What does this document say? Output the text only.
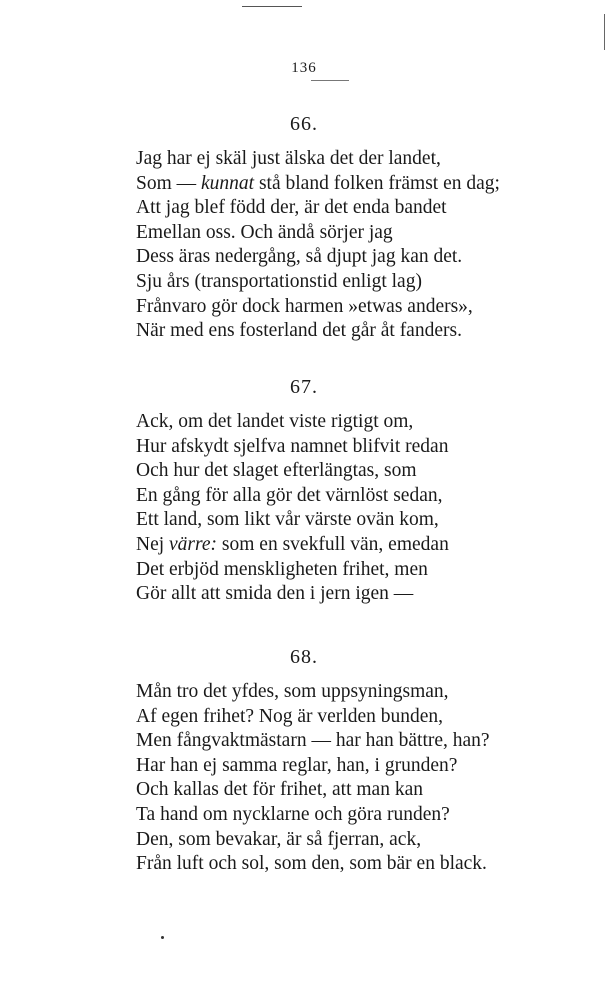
136
66.
Jag har ej skäl just älska det der landet,
Som — kunnat stå bland folken främst en dag;
Att jag blef född der, är det enda bandet
Emellan oss. Och ändå sörjer jag
Dess äras nedergång, så djupt jag kan det.
Sju års (transportationstid enligt lag)
Frånvaro gör dock harmen »etwas anders»,
När med ens fosterland det går åt fanders.
67.
Ack, om det landet viste rigtigt om,
Hur afskydt sjelfva namnet blifvit redan
Och hur det slaget efterlängtas, som
En gång för alla gör det värnlöst sedan,
Ett land, som likt vår värste ovän kom,
Nej värre: som en svekfull vän, emedan
Det erbjöd menskligheten frihet, men
Gör allt att smida den i jern igen —
68.
Mån tro det yfdes, som uppsyningsman,
Af egen frihet? Nog är verlden bunden,
Men fångvaktmästarn — har han bättre, han?
Har han ej samma reglar, han, i grunden?
Och kallas det för frihet, att man kan
Ta hand om nycklarne och göra runden?
Den, som bevakar, är så fjerran, ack,
Från luft och sol, som den, som bär en black.
